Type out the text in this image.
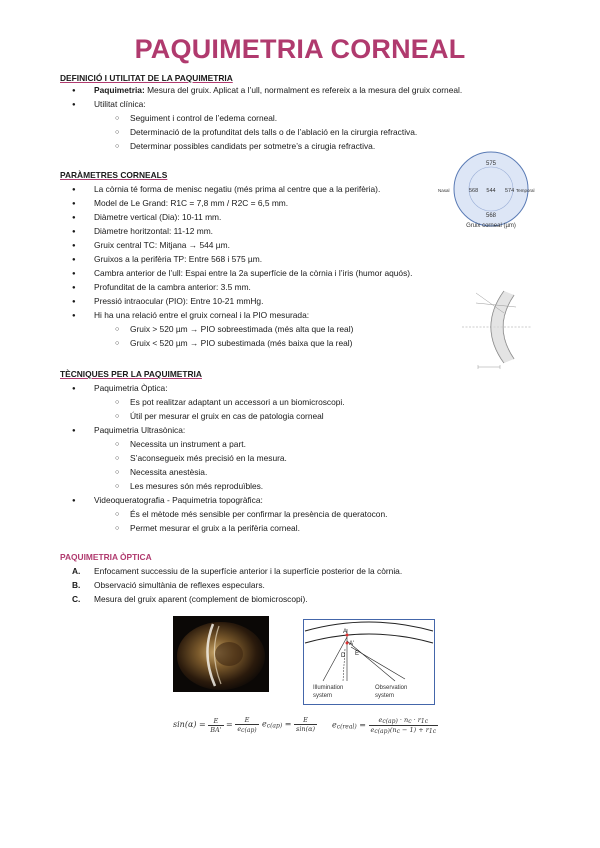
PAQUIMETRIA CORNEAL
DEFINICIÓ I UTILITAT DE LA PAQUIMETRIA
● Paquimetria: Mesura del gruix. Aplicat a l’ull, normalment es refereix a la mesura del gruix corneal.
● Utilitat clínica:
○ Seguiment i control de l’edema corneal.
○ Determinació de la profunditat dels talls o de l’ablació en la cirurgia refractiva.
○ Determinar possibles candidats per sotmetre’s a cirugia refractiva.
PARÀMETRES CORNEALS
● La còrnia té forma de menisc negatiu (més prima al centre que a la perifèria).
● Model de Le Grand: R1C = 7,8 mm / R2C = 6,5 mm.
● Diàmetre vertical (Dia): 10-11 mm.
● Diàmetre horitzontal: 11-12 mm.
● Gruix central TC: Mitjana → 544 µm.
● Gruixos a la perifèria TP: Entre 568 i 575 µm.
● Cambra anterior de l’ull: Espai entre la 2a superfície de la còrnia i l’iris (humor aquós).
● Profunditat de la cambra anterior: 3.5 mm.
● Pressió intraocular (PIO): Entre 10-21 mmHg.
● Hi ha una relació entre el gruix corneal i la PIO mesurada:
○ Gruix > 520 µm → PIO sobreestimada (més alta que la real)
○ Gruix < 520 µm → PIO subestimada (més baixa que la real)
575
Nasal	568 544 574 Temporal
568
Gruix corneal (µm)
TÈCNIQUES PER LA PAQUIMETRIA
● Paquimetria Òptica:
○ Es pot realitzar adaptant un accessori a un biomicroscopi.
○ Útil per mesurar el gruix en cas de patologia corneal
● Paquimetria Ultrasònica:
○ Necessita un instrument a part.
○ S’aconsegueix més precisió en la mesura.
○ Necessita anestèsia.
○ Les mesures són més reproduïbles.
● Videoqueratografia - Paquimetria topogràfica:
○ És el mètode més sensible per confirmar la presència de queratocon.
○ Permet mesurar el gruix a la perifèria corneal.
PAQUIMETRIA ÒPTICA
A. Enfocament successiu de la superfície anterior i la superfície posterior de la còrnia.
B. Observació simultània de reflexes especulars.
C. Mesura del gruix aparent (complement de biomicroscopi).
A
A'
E
D
Illumination
system
Observation
system
$\sin(\alpha) = \frac{E}{BA'} = \frac{E}{e_{c(ap)}} e_{c(ap)} = \frac{E}{\sin(\alpha)} e_{c(real)} = \frac{e_{c(ap)} \cdot n_c \cdot r_{1c}}{e_{c(ap)}(n_c - 1) + r_{1c}}$
